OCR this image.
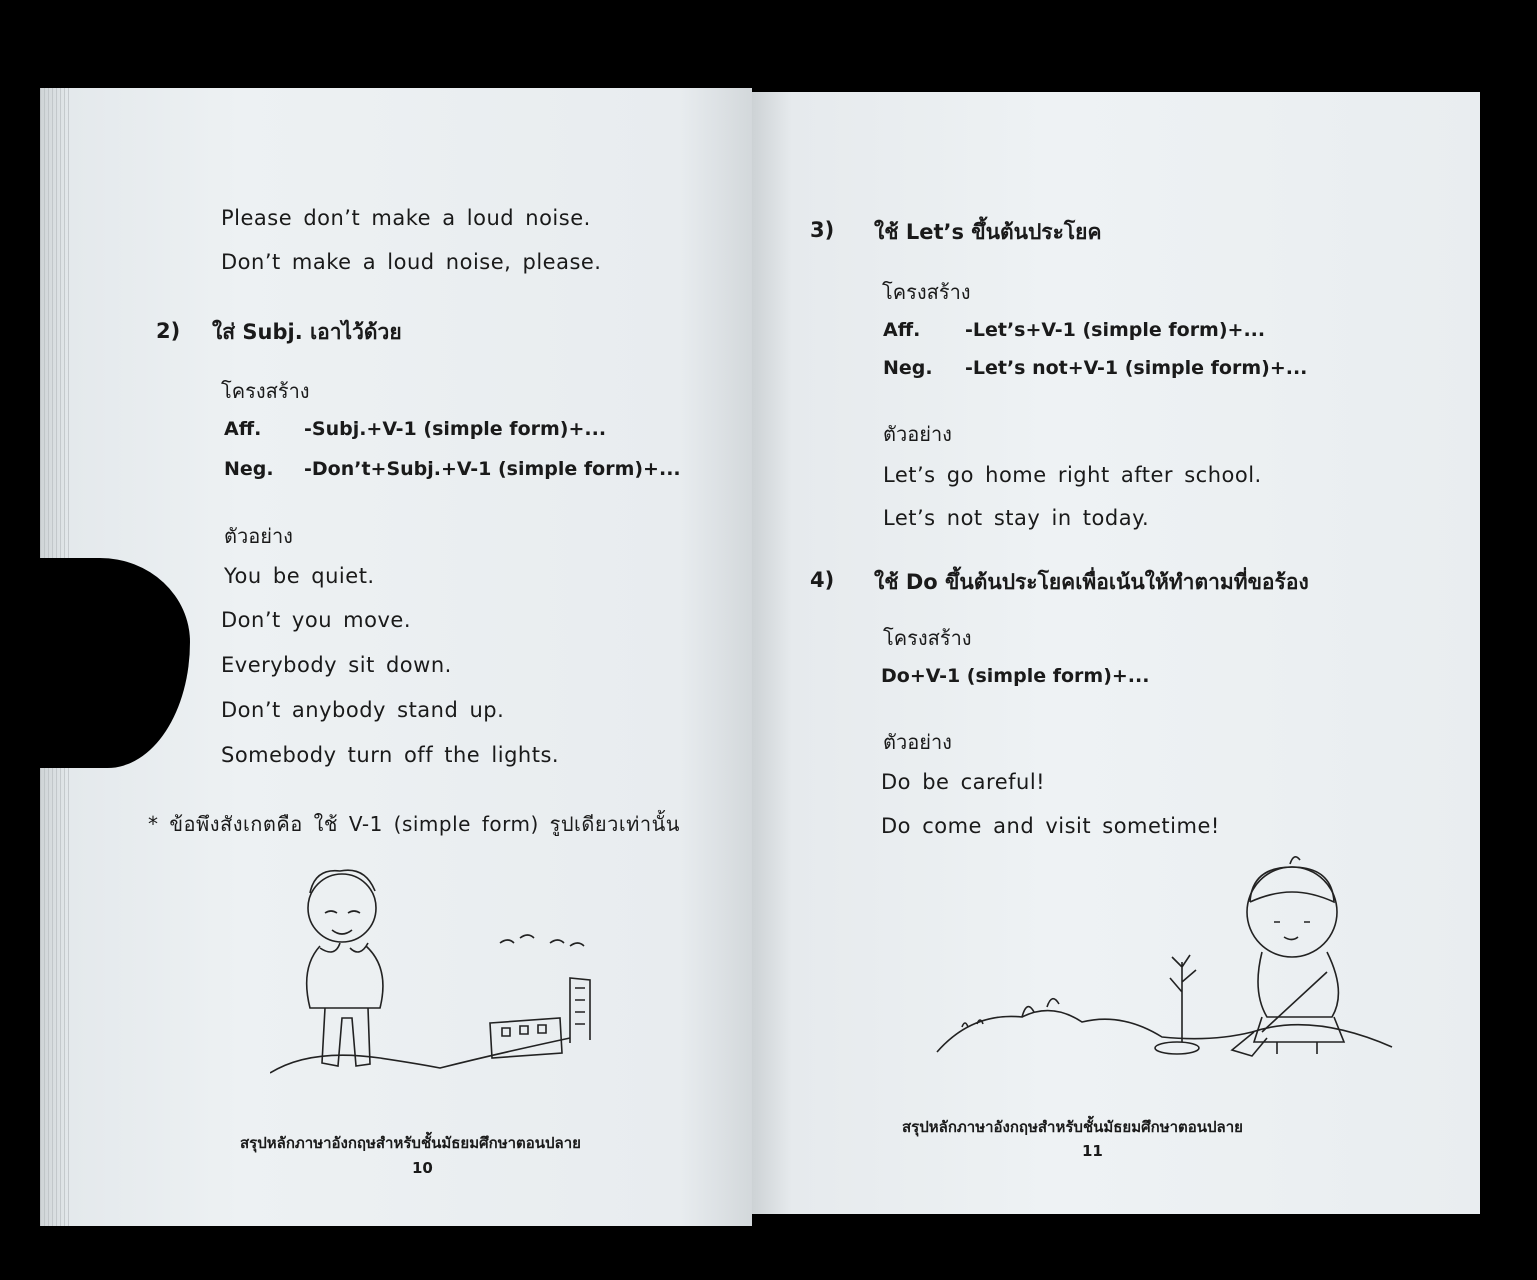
Please don’t make a loud noise.
Don’t make a loud noise, please.
2) ใส่ Subj. เอาไว้ด้วย
โครงสร้าง
Aff. -Subj.+V-1 (simple form)+...
Neg. -Don’t+Subj.+V-1 (simple form)+...
ตัวอย่าง
You be quiet.
Don’t you move.
Everybody sit down.
Don’t anybody stand up.
Somebody turn off the lights.
* ข้อพึงสังเกตคือ ใช้ V-1 (simple form) รูปเดียวเท่านั้น
สรุปหลักภาษาอังกฤษสำหรับชั้นมัธยมศึกษาตอนปลาย
10
3) ใช้ Let’s ขึ้นต้นประโยค
โครงสร้าง
Aff. -Let’s+V-1 (simple form)+...
Neg. -Let’s not+V-1 (simple form)+...
ตัวอย่าง
Let’s go home right after school.
Let’s not stay in today.
4) ใช้ Do ขึ้นต้นประโยคเพื่อเน้นให้ทำตามที่ขอร้อง
โครงสร้าง
Do+V-1 (simple form)+...
ตัวอย่าง
Do be careful!
Do come and visit sometime!
สรุปหลักภาษาอังกฤษสำหรับชั้นมัธยมศึกษาตอนปลาย
11
